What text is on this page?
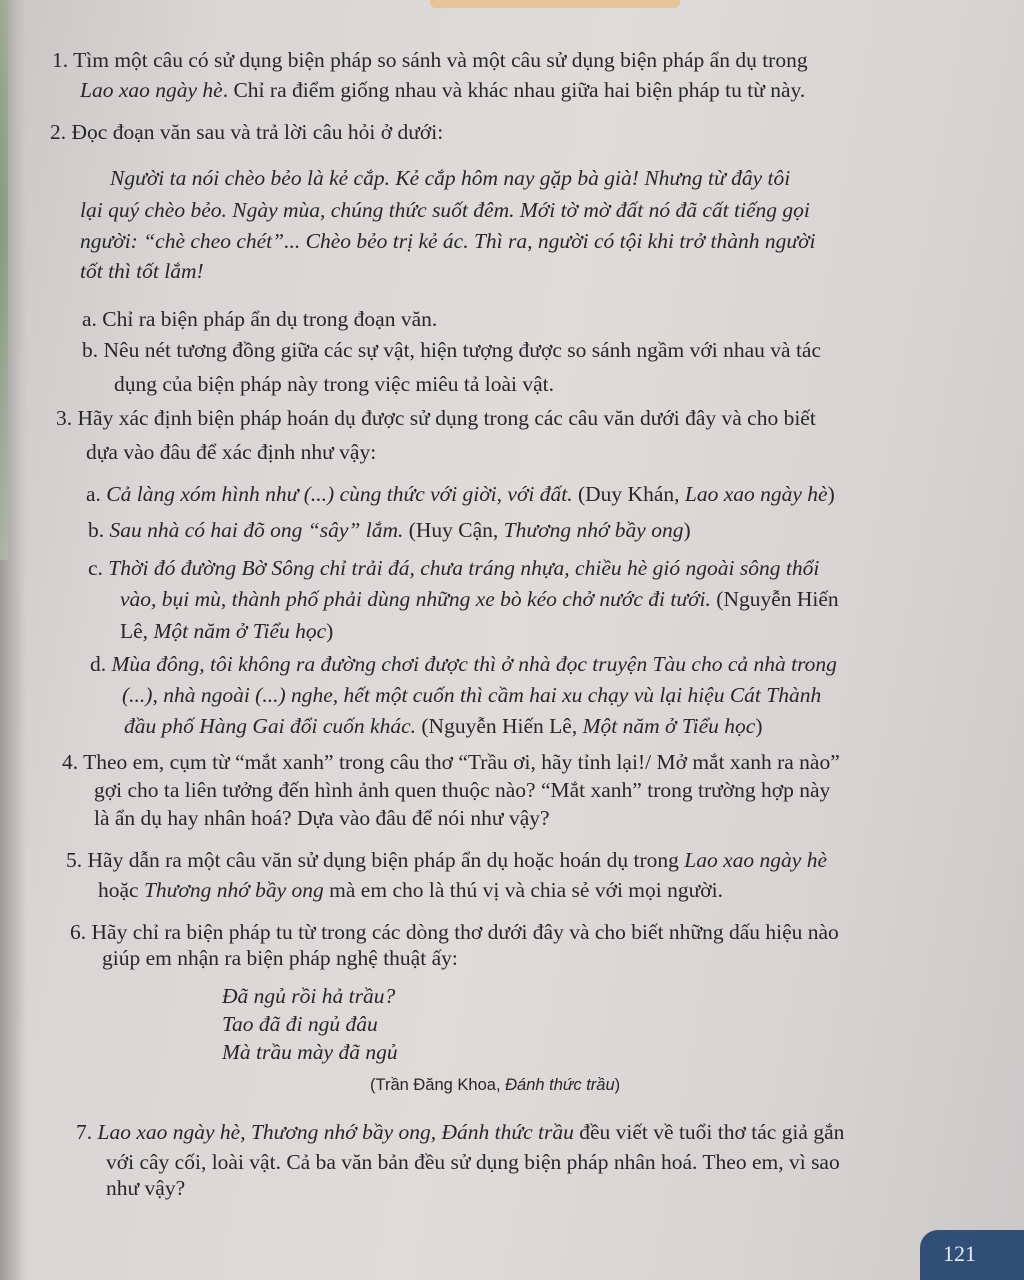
1. Tìm một câu có sử dụng biện pháp so sánh và một câu sử dụng biện pháp ẩn dụ trong
Lao xao ngày hè. Chỉ ra điểm giống nhau và khác nhau giữa hai biện pháp tu từ này.
2. Đọc đoạn văn sau và trả lời câu hỏi ở dưới:
Người ta nói chèo bẻo là kẻ cắp. Kẻ cắp hôm nay gặp bà già! Nhưng từ đây tôi
lại quý chèo bẻo. Ngày mùa, chúng thức suốt đêm. Mới tờ mờ đất nó đã cất tiếng gọi
người: “chè cheo chét”... Chèo bẻo trị kẻ ác. Thì ra, người có tội khi trở thành người
tốt thì tốt lắm!
a. Chỉ ra biện pháp ẩn dụ trong đoạn văn.
b. Nêu nét tương đồng giữa các sự vật, hiện tượng được so sánh ngầm với nhau và tác
dụng của biện pháp này trong việc miêu tả loài vật.
3. Hãy xác định biện pháp hoán dụ được sử dụng trong các câu văn dưới đây và cho biết
dựa vào đâu để xác định như vậy:
a. Cả làng xóm hình như (...) cùng thức với giời, với đất. (Duy Khán, Lao xao ngày hè)
b. Sau nhà có hai đõ ong “sây” lắm. (Huy Cận, Thương nhớ bầy ong)
c. Thời đó đường Bờ Sông chỉ trải đá, chưa tráng nhựa, chiều hè gió ngoài sông thổi
vào, bụi mù, thành phố phải dùng những xe bò kéo chở nước đi tưới. (Nguyễn Hiến
Lê, Một năm ở Tiểu học)
d. Mùa đông, tôi không ra đường chơi được thì ở nhà đọc truyện Tàu cho cả nhà trong
(...), nhà ngoài (...) nghe, hết một cuốn thì cầm hai xu chạy vù lại hiệu Cát Thành
đầu phố Hàng Gai đổi cuốn khác. (Nguyễn Hiến Lê, Một năm ở Tiểu học)
4. Theo em, cụm từ “mắt xanh” trong câu thơ “Trầu ơi, hãy tỉnh lại!/ Mở mắt xanh ra nào”
gợi cho ta liên tưởng đến hình ảnh quen thuộc nào? “Mắt xanh” trong trường hợp này
là ẩn dụ hay nhân hoá? Dựa vào đâu để nói như vậy?
5. Hãy dẫn ra một câu văn sử dụng biện pháp ẩn dụ hoặc hoán dụ trong Lao xao ngày hè
hoặc Thương nhớ bầy ong mà em cho là thú vị và chia sẻ với mọi người.
6. Hãy chỉ ra biện pháp tu từ trong các dòng thơ dưới đây và cho biết những dấu hiệu nào
giúp em nhận ra biện pháp nghệ thuật ấy:
Đã ngủ rồi hả trầu?
Tao đã đi ngủ đâu
Mà trầu mày đã ngủ
(Trần Đăng Khoa, Đánh thức trầu)
7. Lao xao ngày hè, Thương nhớ bầy ong, Đánh thức trầu đều viết về tuổi thơ tác giả gắn
với cây cối, loài vật. Cả ba văn bản đều sử dụng biện pháp nhân hoá. Theo em, vì sao
như vậy?
121
